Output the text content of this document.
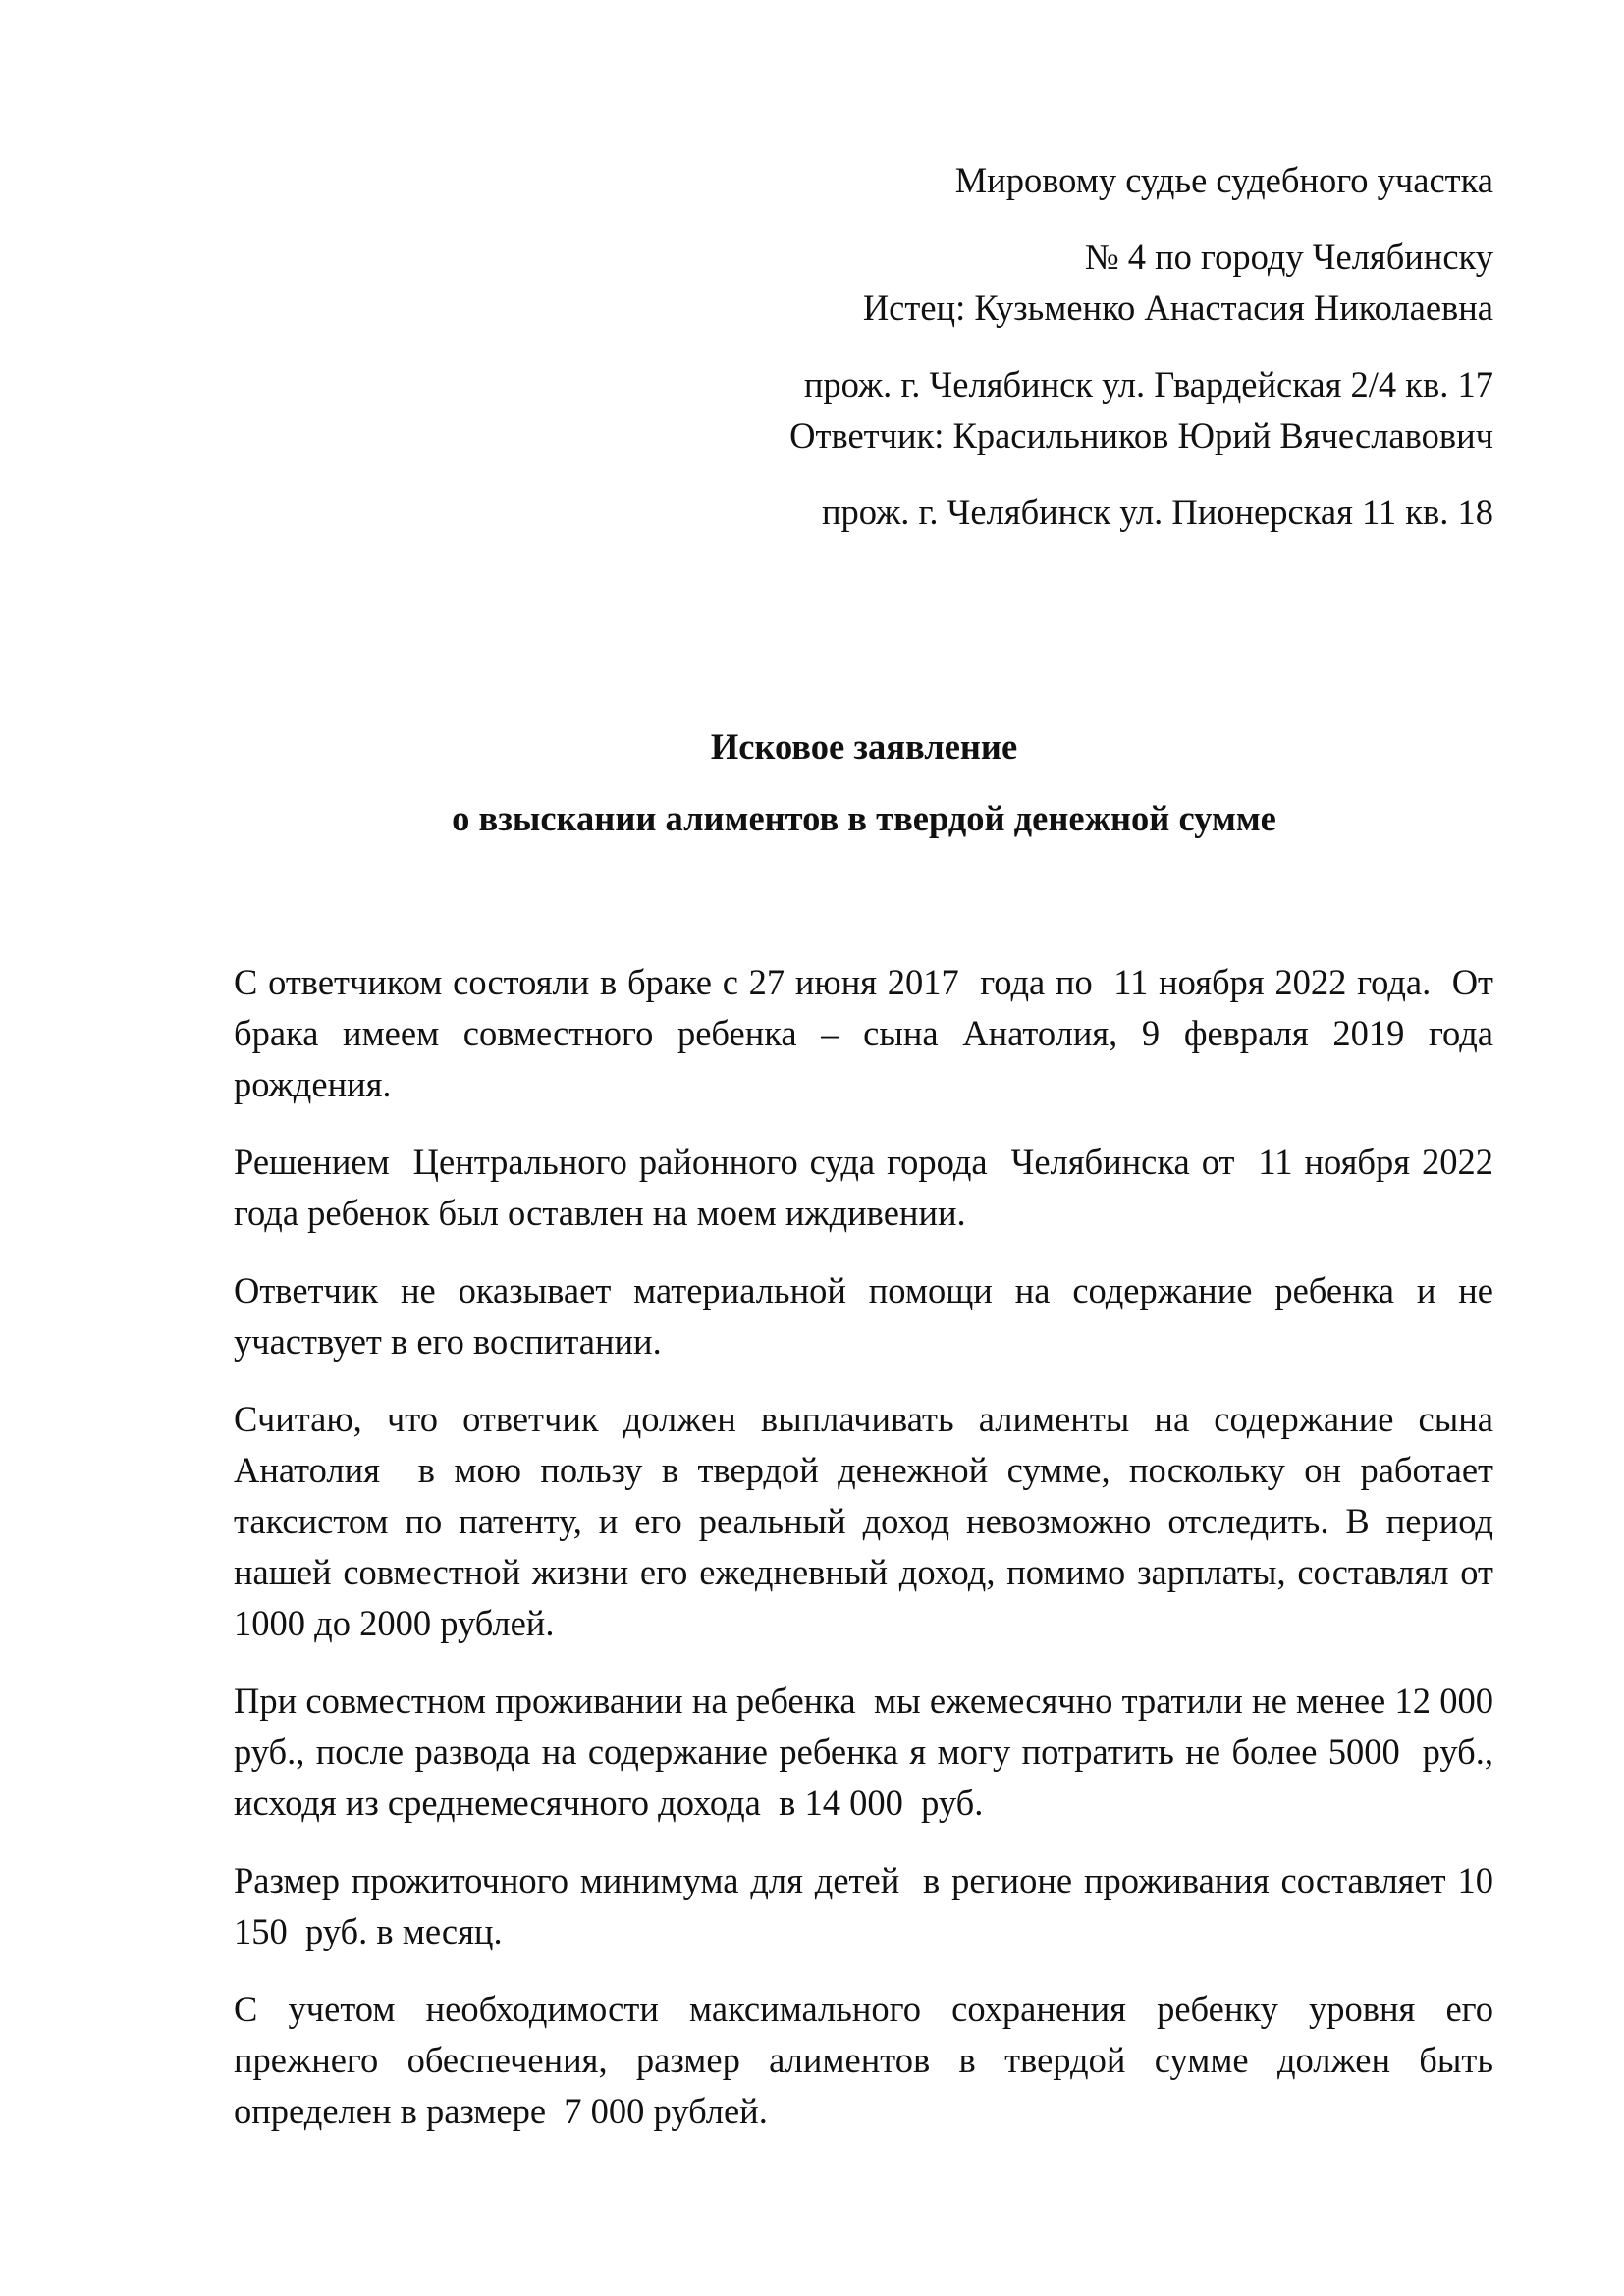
Мировому судье судебного участка
№ 4 по городу Челябинску
Истец: Кузьменко Анастасия Николаевна
прож. г. Челябинск ул. Гвардейская 2/4 кв. 17
Ответчик: Красильников Юрий Вячеславович
прож. г. Челябинск ул. Пионерская 11 кв. 18
Исковое заявление
о взыскании алиментов в твердой денежной сумме

С ответчиком состояли в браке с 27 июня 2017  года по  11 ноября 2022 года.  От брака имеем совместного ребенка – сына Анатолия, 9 февраля 2019 года рождения.

Решением  Центрального районного суда города  Челябинска от  11 ноября 2022  года ребенок был оставлен на моем иждивении.

Ответчик не оказывает материальной помощи на содержание ребенка и не участвует в его воспитании.

Считаю, что ответчик должен выплачивать алименты на содержание сына Анатолия  в мою пользу в твердой денежной сумме, поскольку он работает таксистом по патенту, и его реальный доход невозможно отследить. В период нашей совместной жизни его ежедневный доход, помимо зарплаты, составлял от 1000 до 2000 рублей.

При совместном проживании на ребенка  мы ежемесячно тратили не менее 12 000 руб., после развода на содержание ребенка я могу потратить не более 5000  руб., исходя из среднемесячного дохода  в 14 000  руб.

Размер прожиточного минимума для детей  в регионе проживания составляет 10 150  руб. в месяц.

С учетом необходимости максимального сохранения ребенку уровня его прежнего обеспечения, размер алиментов в твердой сумме должен быть определен в размере  7 000 рублей.
